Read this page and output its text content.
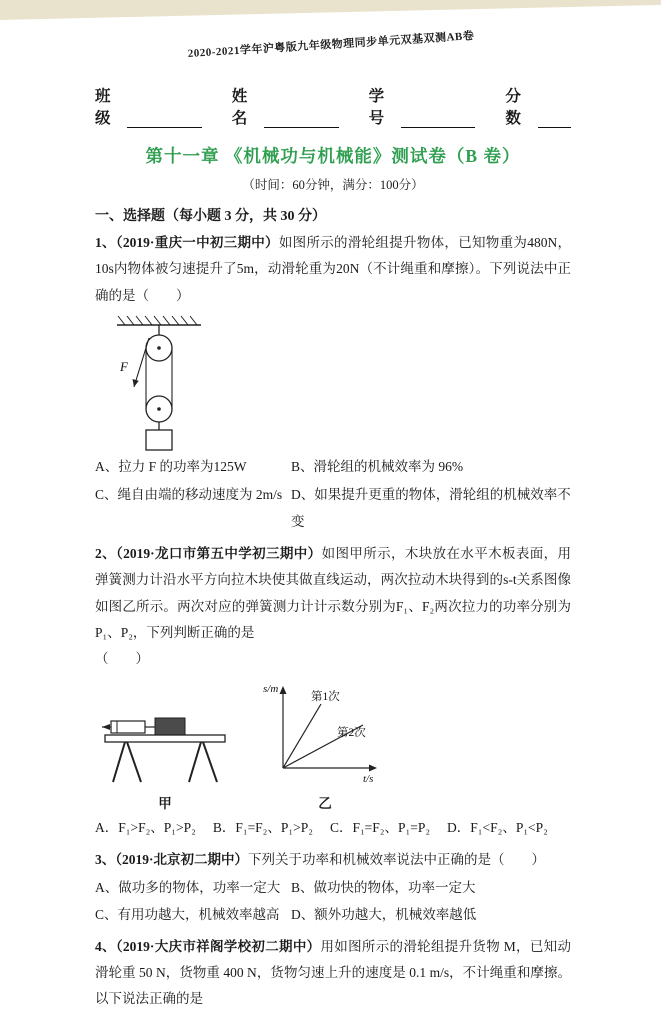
2020-2021学年沪粤版九年级物理同步单元双基双测AB卷
班级
姓名
学号
分数
第十一章 《机械功与机械能》测试卷（B 卷）
（时间：60分钟，满分：100分）
一、选择题（每小题 3 分，共 30 分）

1、（2019·重庆一中初三期中）如图所示的滑轮组提升物体，已知物重为480N，10s内物体被匀速提升了5m，动滑轮重为20N（不计绳重和摩擦）。下列说法中正确的是（　　）

F
A、拉力 F 的功率为125W	B、滑轮组的机械效率为 96%
C、绳自由端的移动速度为 2m/s D、如果提升更重的物体，滑轮组的机械效率不变

2、（2019·龙口市第五中学初三期中）如图甲所示，木块放在水平木板表面，用弹簧测力计沿水平方向拉木块使其做直线运动，两次拉动木块得到的s-t关系图像如图乙所示。两次对应的弹簧测力计计示数分别为F₁、F₂两次拉力的功率分别为P₁、P₂，下列判断正确的是

（　　）
甲
s/m
第1次
第2次
t/s
乙
A．F₁>F₂、P₁>P₂ B．F₁=F₂、P₁>P₂ C．F₁=F₂、P₁=P₂ D．F₁<F₂、P₁<P₂

3、（2019·北京初二期中）下列关于功率和机械效率说法中正确的是（　　）

A、做功多的物体，功率一定大 B、做功快的物体，功率一定大
C、有用功越大，机械效率越高 D、额外功越大，机械效率越低

4、（2019·大庆市祥阁学校初二期中）用如图所示的滑轮组提升货物 M，已知动滑轮重 50 N，货物重 400 N，货物匀速上升的速度是 0.1 m/s，不计绳重和摩擦。以下说法正确的是
